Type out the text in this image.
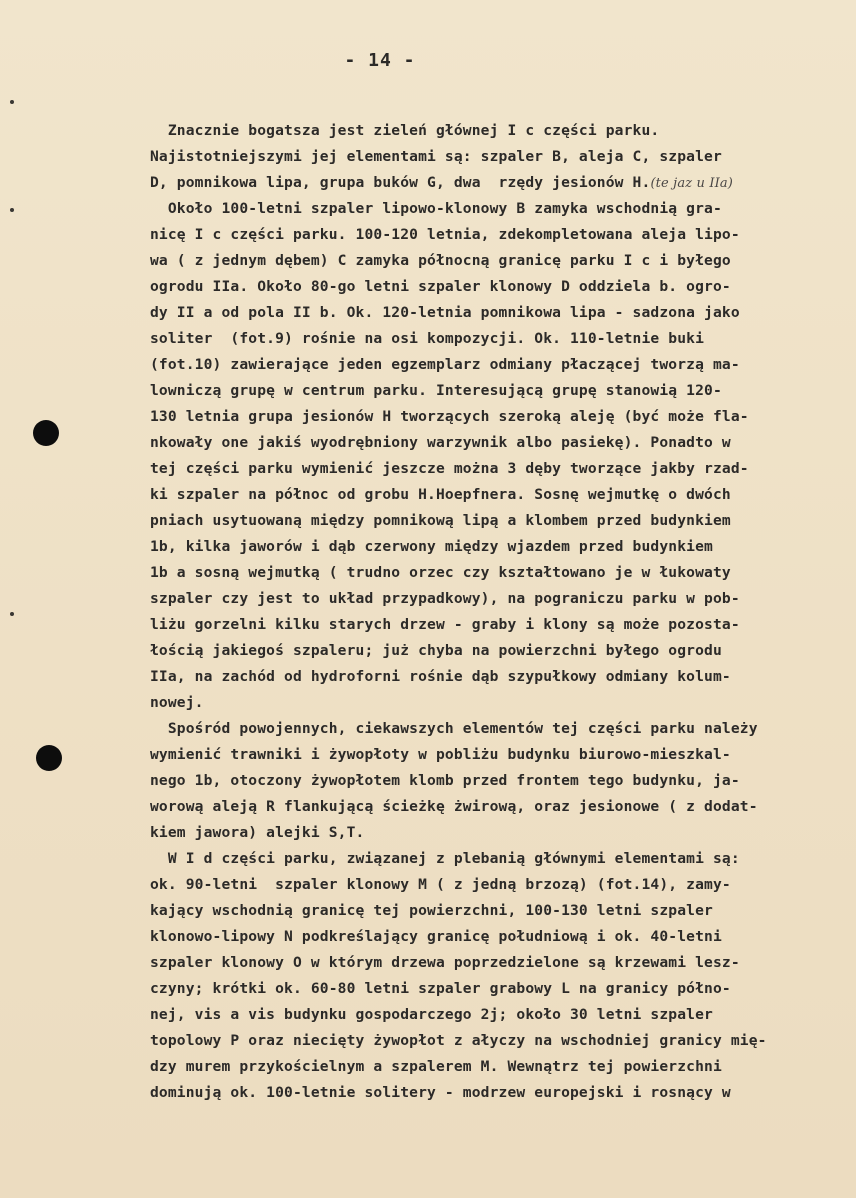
- 14 -
Znacznie bogatsza jest zieleń głównej I c części parku.
Najistotniejszymi jej elementami są: szpaler B, aleja C, szpaler
D, pomnikowa lipa, grupa buków G, dwa  rzędy jesionów H.(te jaz u IIa)
Około 100-letni szpaler lipowo-klonowy B zamyka wschodnią gra-
nicę I c części parku. 100-120 letnia, zdekompletowana aleja lipo-
wa ( z jednym dębem) C zamyka północną granicę parku I c i byłego
ogrodu IIa. Około 80-go letni szpaler klonowy D oddziela b. ogro-
dy II a od pola II b. Ok. 120-letnia pomnikowa lipa - sadzona jako
soliter  (fot.9) rośnie na osi kompozycji. Ok. 110-letnie buki
(fot.10) zawierające jeden egzemplarz odmiany płaczącej tworzą ma-
lowniczą grupę w centrum parku. Interesującą grupę stanowią 120-
130 letnia grupa jesionów H tworzących szeroką aleję (być może fla-
nkowały one jakiś wyodrębniony warzywnik albo pasiekę). Ponadto w
tej części parku wymienić jeszcze można 3 dęby tworzące jakby rzad-
ki szpaler na północ od grobu H.Hoepfnera. Sosnę wejmutkę o dwóch
pniach usytuowaną między pomnikową lipą a klombem przed budynkiem
1b, kilka jaworów i dąb czerwony między wjazdem przed budynkiem
1b a sosną wejmutką ( trudno orzec czy kształtowano je w łukowaty
szpaler czy jest to układ przypadkowy), na pograniczu parku w pob-
liżu gorzelni kilku starych drzew - graby i klony są może pozosta-
łością jakiegoś szpaleru; już chyba na powierzchni byłego ogrodu
IIa, na zachód od hydroforni rośnie dąb szypułkowy odmiany kolum-
nowej.
Spośród powojennych, ciekawszych elementów tej części parku należy
wymienić trawniki i żywopłoty w pobliżu budynku biurowo-mieszkal-
nego 1b, otoczony żywopłotem klomb przed frontem tego budynku, ja-
worową aleją R flankującą ścieżkę żwirową, oraz jesionowe ( z dodat-
kiem jawora) alejki S,T.
W I d części parku, związanej z plebanią głównymi elementami są:
ok. 90-letni  szpaler klonowy M ( z jedną brzozą) (fot.14), zamy-
kający wschodnią granicę tej powierzchni, 100-130 letni szpaler
klonowo-lipowy N podkreślający granicę południową i ok. 40-letni
szpaler klonowy O w którym drzewa poprzedzielone są krzewami lesz-
czyny; krótki ok. 60-80 letni szpaler grabowy L na granicy półno-
nej, vis a vis budynku gospodarczego 2j; około 30 letni szpaler
topolowy P oraz niecięty żywopłot z ałyczy na wschodniej granicy mię-
dzy murem przykościelnym a szpalerem M. Wewnątrz tej powierzchni
dominują ok. 100-letnie solitery - modrzew europejski i rosnący w
